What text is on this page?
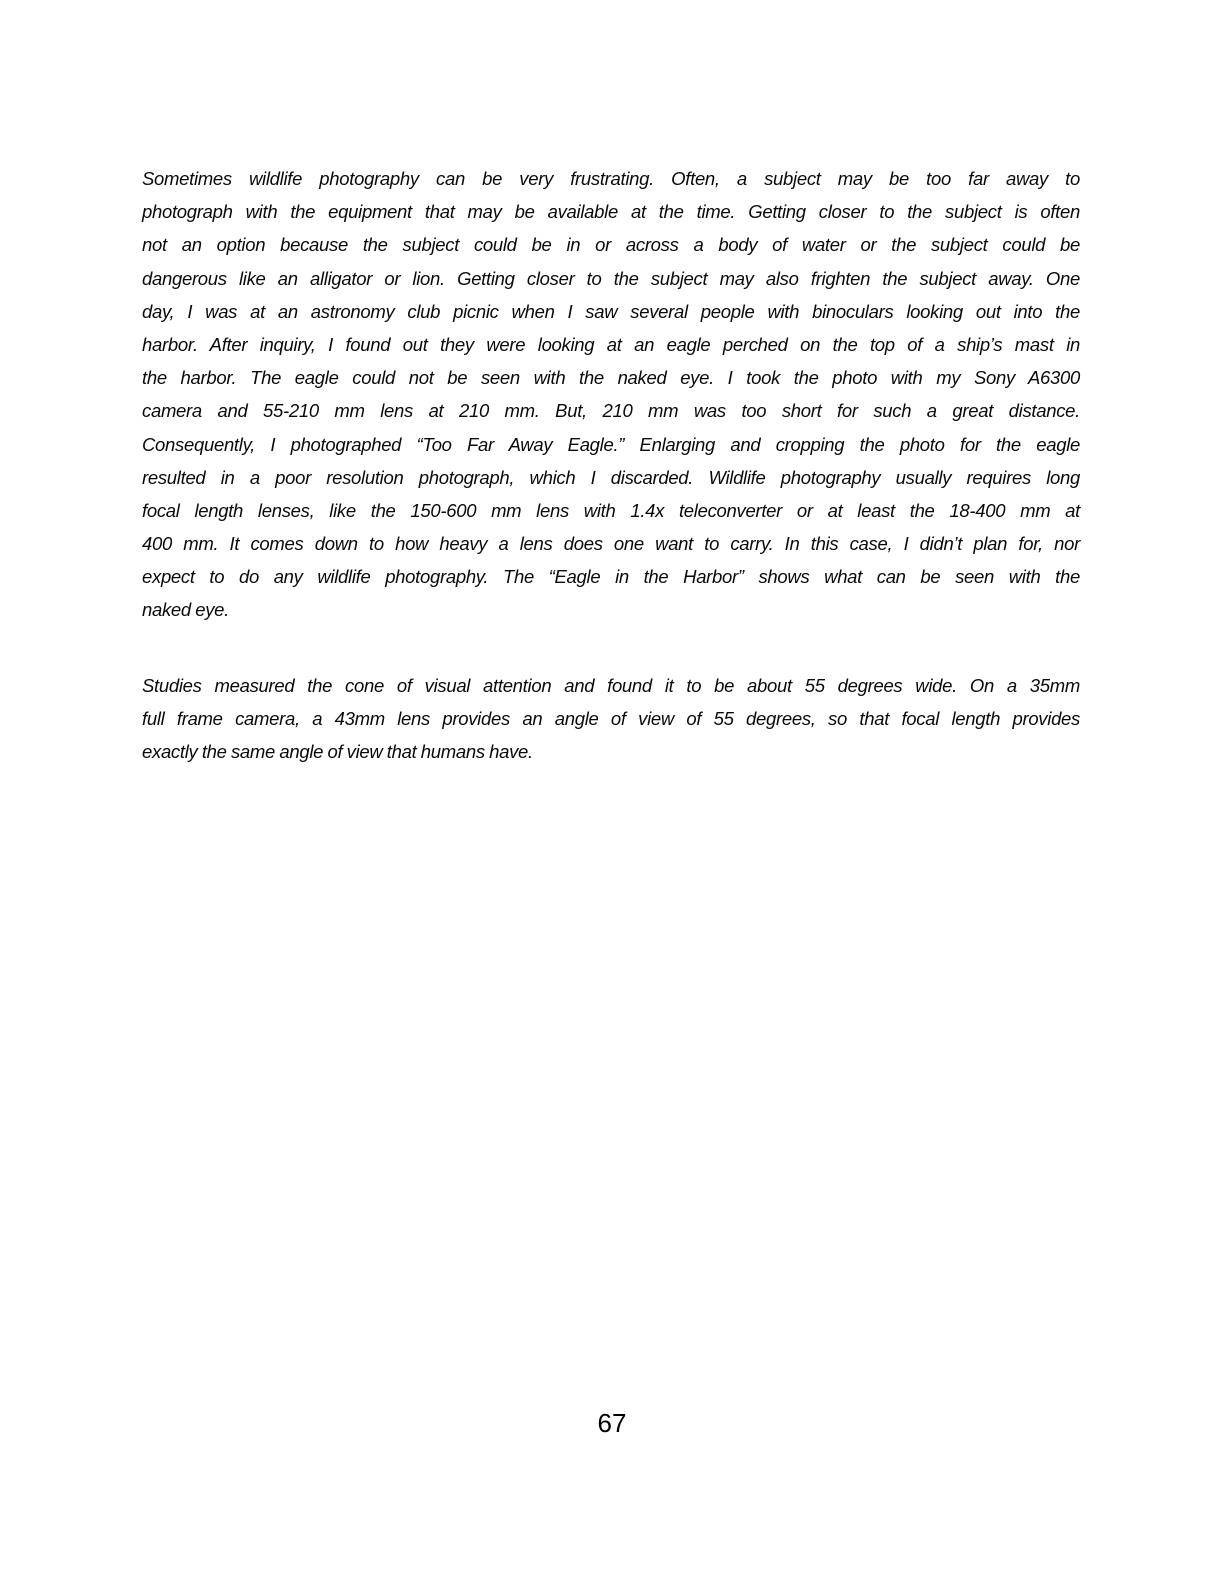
Sometimes wildlife photography can be very frustrating. Often, a subject may be too far away to
photograph with the equipment that may be available at the time. Getting closer to the subject is often
not an option because the subject could be in or across a body of water or the subject could be
dangerous like an alligator or lion. Getting closer to the subject may also frighten the subject away. One
day, I was at an astronomy club picnic when I saw several people with binoculars looking out into the
harbor. After inquiry, I found out they were looking at an eagle perched on the top of a ship’s mast in
the harbor. The eagle could not be seen with the naked eye. I took the photo with my Sony A6300
camera and 55-210 mm lens at 210 mm. But, 210 mm was too short for such a great distance.
Consequently, I photographed “Too Far Away Eagle.” Enlarging and cropping the photo for the eagle
resulted in a poor resolution photograph, which I discarded. Wildlife photography usually requires long
focal length lenses, like the 150-600 mm lens with 1.4x teleconverter or at least the 18-400 mm at
400 mm. It comes down to how heavy a lens does one want to carry. In this case, I didn’t plan for, nor
expect to do any wildlife photography. The “Eagle in the Harbor” shows what can be seen with the
naked eye.
Studies measured the cone of visual attention and found it to be about 55 degrees wide. On a 35mm
full frame camera, a 43mm lens provides an angle of view of 55 degrees, so that focal length provides
exactly the same angle of view that humans have.
67
